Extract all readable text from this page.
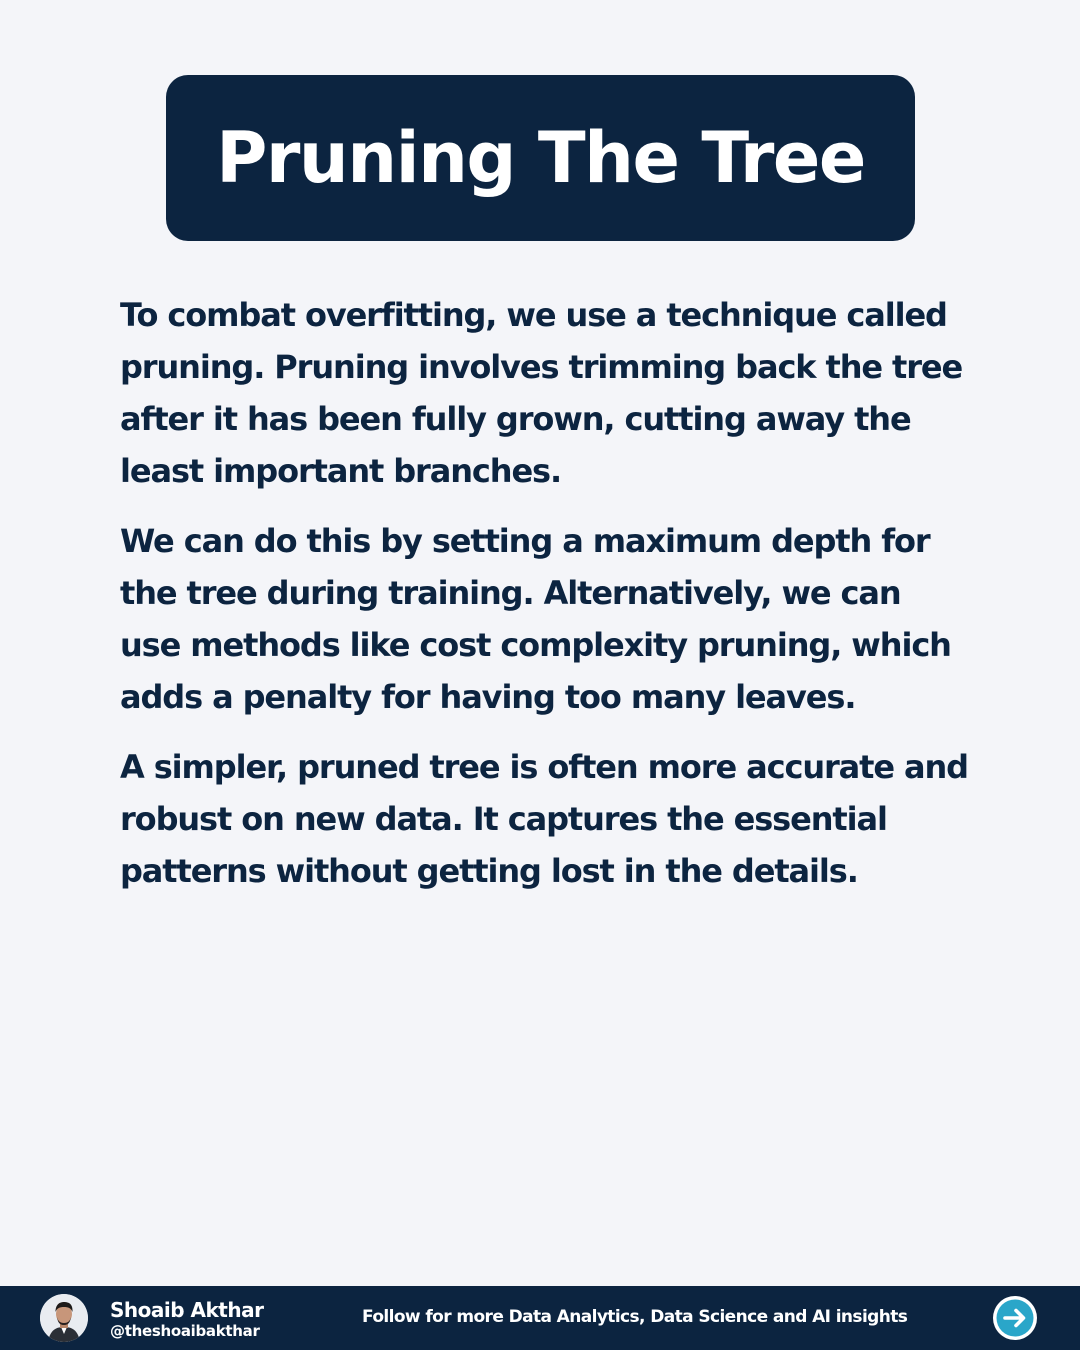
Pruning The Tree

To combat overfitting, we use a technique called pruning. Pruning involves trimming back the tree after it has been fully grown, cutting away the least important branches.

We can do this by setting a maximum depth for the tree during training. Alternatively, we can use methods like cost complexity pruning, which adds a penalty for having too many leaves.

A simpler, pruned tree is often more accurate and robust on new data. It captures the essential patterns without getting lost in the details.

Shoaib Akthar
@theshoaibakthar
Follow for more Data Analytics, Data Science and AI insights
